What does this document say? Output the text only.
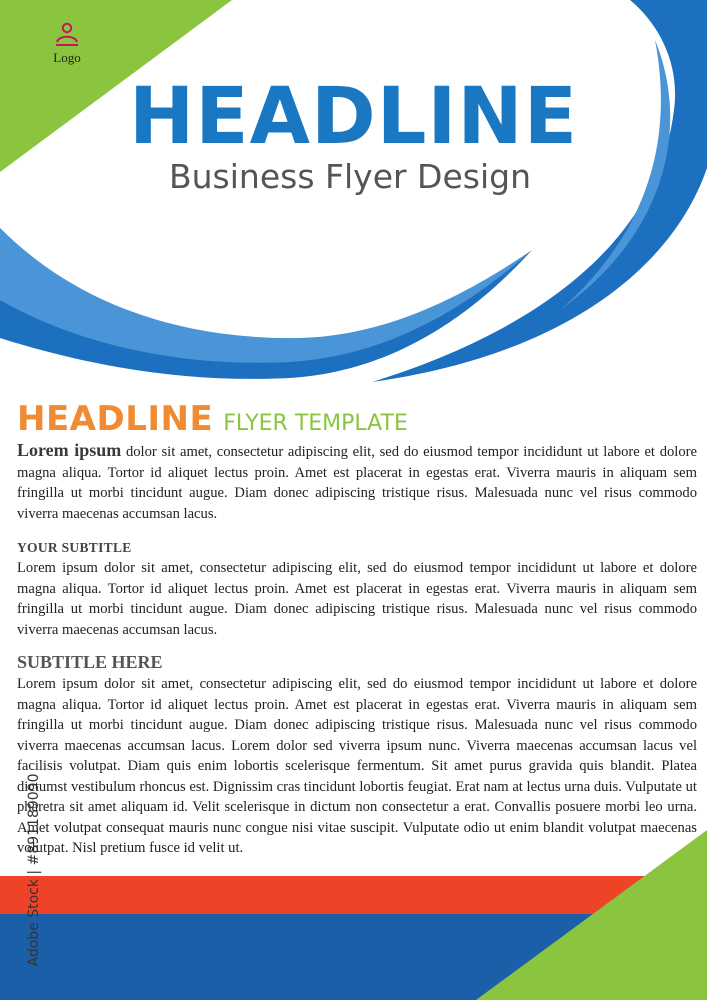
Logo
HEADLINE
Business Flyer Design
HEADLINE FLYER TEMPLATE

Lorem ipsum dolor sit amet, consectetur adipiscing elit, sed do eiusmod tempor incididunt ut labore et dolore magna aliqua. Tortor id aliquet lectus proin. Amet est placerat in egestas erat. Viverra mauris in aliquam sem fringilla ut morbi tincidunt augue. Diam donec adipiscing tristique risus. Malesuada nunc vel risus commodo viverra maecenas accumsan lacus.

YOUR SUBTITLE

Lorem ipsum dolor sit amet, consectetur adipiscing elit, sed do eiusmod tempor incididunt ut labore et dolore magna aliqua. Tortor id aliquet lectus proin. Amet est placerat in egestas erat. Viverra mauris in aliquam sem fringilla ut morbi tincidunt augue. Diam donec adipiscing tristique risus. Malesuada nunc vel risus commodo viverra maecenas accumsan lacus.

SUBTITLE HERE

Lorem ipsum dolor sit amet, consectetur adipiscing elit, sed do eiusmod tempor incididunt ut labore et dolore magna aliqua. Tortor id aliquet lectus proin. Amet est placerat in egestas erat. Viverra mauris in aliquam sem fringilla ut morbi tincidunt augue. Diam donec adipiscing tristique risus. Malesuada nunc vel risus commodo viverra maecenas accumsan lacus. Lorem dolor sed viverra ipsum nunc. Viverra maecenas accumsan lacus vel facilisis volutpat. Diam quis enim lobortis scelerisque fermentum. Sit amet purus gravida quis blandit. Platea dictumst vestibulum rhoncus est. Dignissim cras tincidunt lobortis feugiat. Erat nam at lectus urna duis. Vulputate ut pharetra sit amet aliquam id. Velit scelerisque in dictum non consectetur a erat. Convallis posuere morbi leo urna. Amet volutpat consequat mauris nunc congue nisi vitae suscipit. Vulputate odio ut enim blandit volutpat maecenas volutpat. Nisl pretium fusce id velit ut.

Adobe Stock | #891189090
